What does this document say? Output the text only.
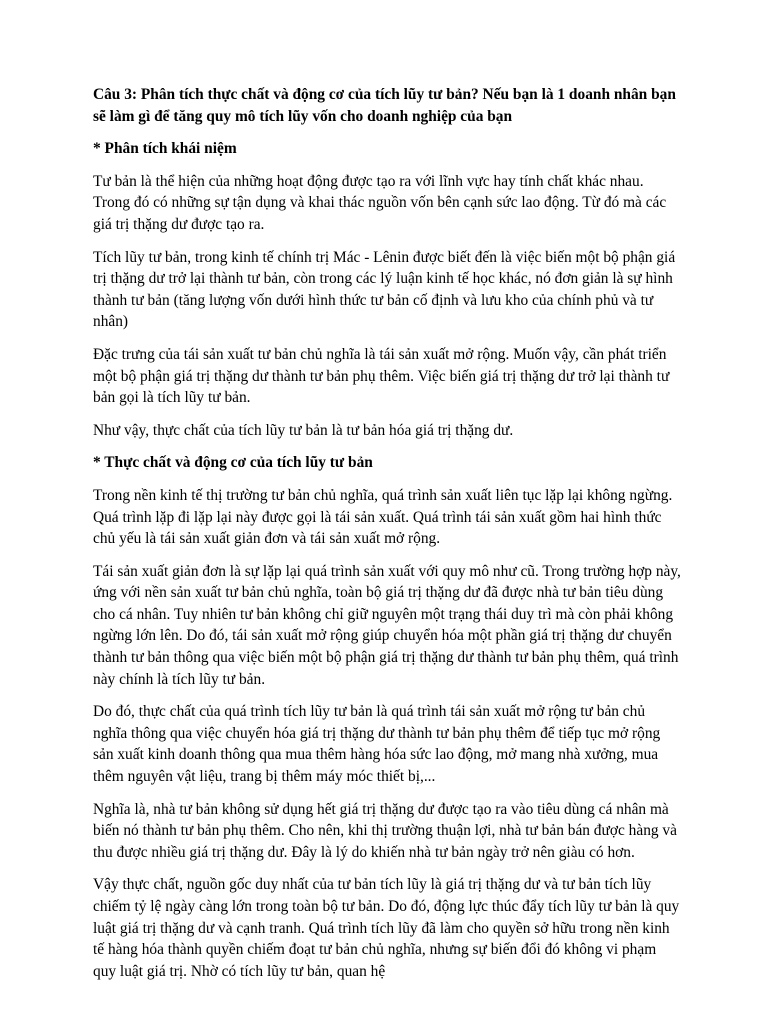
Câu 3: Phân tích thực chất và động cơ của tích lũy tư bản? Nếu bạn là 1 doanh nhân bạn sẽ làm gì để tăng quy mô tích lũy vốn cho doanh nghiệp của bạn

* Phân tích khái niệm

Tư bản là thể hiện của những hoạt động được tạo ra với lĩnh vực hay tính chất khác nhau. Trong đó có những sự tận dụng và khai thác nguồn vốn bên cạnh sức lao động. Từ đó mà các giá trị thặng dư được tạo ra.

Tích lũy tư bản, trong kinh tế chính trị Mác - Lênin được biết đến là việc biến một bộ phận giá trị thặng dư trở lại thành tư bản, còn trong các lý luận kinh tế học khác, nó đơn giản là sự hình thành tư bản (tăng lượng vốn dưới hình thức tư bản cố định và lưu kho của chính phủ và tư nhân)

Đặc trưng của tái sản xuất tư bản chủ nghĩa là tái sản xuất mở rộng. Muốn vậy, cần phát triển một bộ phận giá trị thặng dư thành tư bản phụ thêm. Việc biến giá trị thặng dư trở lại thành tư bản gọi là tích lũy tư bản.

Như vậy, thực chất của tích lũy tư bản là tư bản hóa giá trị thặng dư.

* Thực chất và động cơ của tích lũy tư bản

Trong nền kinh tế thị trường tư bản chủ nghĩa, quá trình sản xuất liên tục lặp lại không ngừng. Quá trình lặp đi lặp lại này được gọi là tái sản xuất. Quá trình tái sản xuất gồm hai hình thức chủ yếu là tái sản xuất giản đơn và tái sản xuất mở rộng.

Tái sản xuất giản đơn là sự lặp lại quá trình sản xuất với quy mô như cũ. Trong trường hợp này, ứng với nền sản xuất tư bản chủ nghĩa, toàn bộ giá trị thặng dư đã được nhà tư bản tiêu dùng cho cá nhân. Tuy nhiên tư bản không chỉ giữ nguyên một trạng thái duy trì mà còn phải không ngừng lớn lên. Do đó, tái sản xuất mở rộng giúp chuyển hóa một phần giá trị thặng dư chuyển thành tư bản thông qua việc biến một bộ phận giá trị thặng dư thành tư bản phụ thêm, quá trình này chính là tích lũy tư bản.

Do đó, thực chất của quá trình tích lũy tư bản là quá trình tái sản xuất mở rộng tư bản chủ nghĩa thông qua việc chuyển hóa giá trị thặng dư thành tư bản phụ thêm để tiếp tục mở rộng sản xuất kinh doanh thông qua mua thêm hàng hóa sức lao động, mở mang nhà xưởng, mua thêm nguyên vật liệu, trang bị thêm máy móc thiết bị,...

Nghĩa là, nhà tư bản không sử dụng hết giá trị thặng dư được tạo ra vào tiêu dùng cá nhân mà biến nó thành tư bản phụ thêm. Cho nên, khi thị trường thuận lợi, nhà tư bản bán được hàng và thu được nhiều giá trị thặng dư. Đây là lý do khiến nhà tư bản ngày trở nên giàu có hơn.

Vậy thực chất, nguồn gốc duy nhất của tư bản tích lũy là giá trị thặng dư và tư bản tích lũy chiếm tỷ lệ ngày càng lớn trong toàn bộ tư bản. Do đó, động lực thúc đẩy tích lũy tư bản là quy luật giá trị thặng dư và cạnh tranh. Quá trình tích lũy đã làm cho quyền sở hữu trong nền kinh tế hàng hóa thành quyền chiếm đoạt tư bản chủ nghĩa, nhưng sự biến đổi đó không vi phạm quy luật giá trị. Nhờ có tích lũy tư bản, quan hệ
